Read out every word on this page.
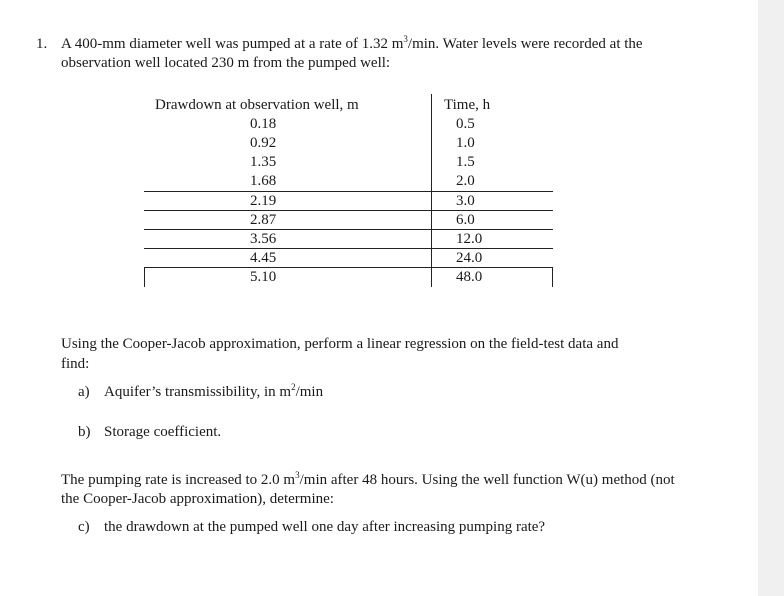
1. A 400-mm diameter well was pumped at a rate of 1.32 $m^3/\min$. Water levels were recorded at the
observation well located 230 m from the pumped well:
Drawdown at observation well, m	Time, h
0.18	0.5
0.92	1.0
1.35	1.5
1.68	2.0
2.19	3.0
2.87	6.0
3.56	12.0
4.45	24.0
5.10	48.0
Using the Cooper-Jacob approximation, perform a linear regression on the field-test data and
find:
a) Aquifer’s transmissibility, in $m^2/\min$
b) Storage coefficient.
The pumping rate is increased to 2.0 $m^3/\min$ after 48 hours. Using the well function W(u) method (not
the Cooper-Jacob approximation), determine:
c) the drawdown at the pumped well one day after increasing pumping rate?
